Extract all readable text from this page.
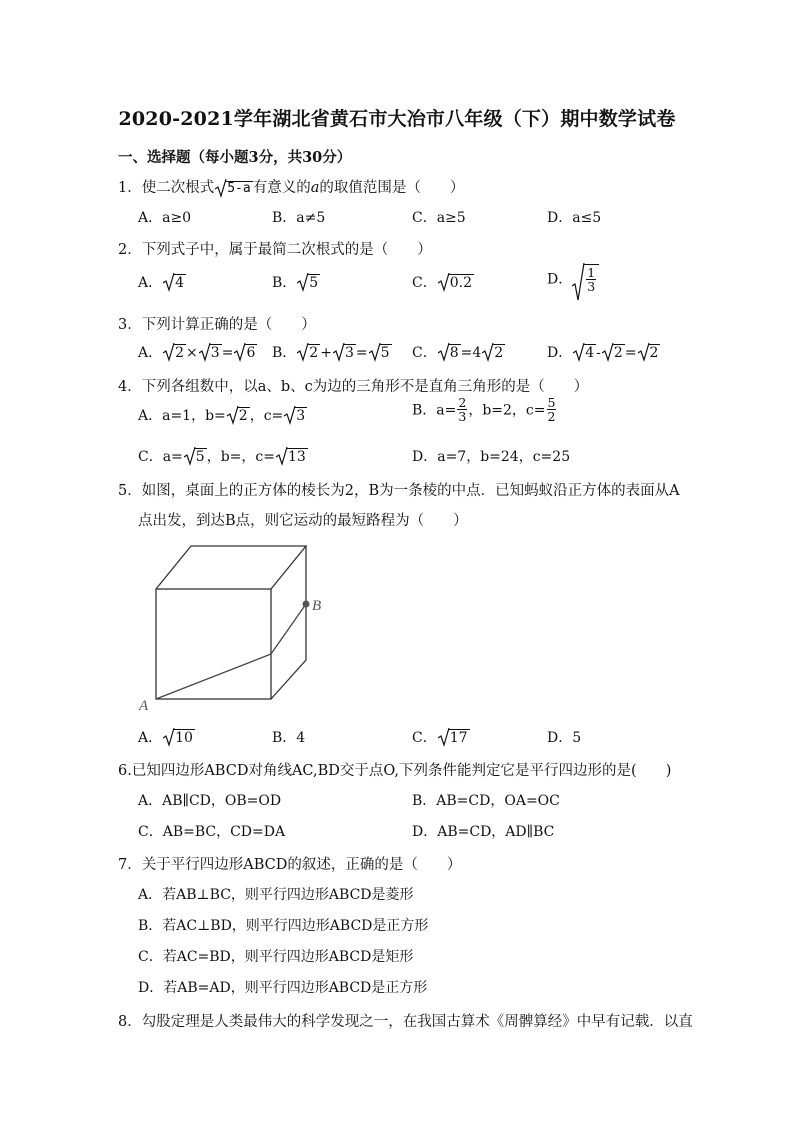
2020-2021学年湖北省黄石市大冶市八年级（下）期中数学试卷
一、选择题（每小题3分，共30分）
1．使二次根式 5-a 有意义的a的取值范围是（　　）
A．a≥0	B．a≠5	C．a≥5	D．a≤5
2．下列式子中，属于最简二次根式的是（　　）
A． 4	B． 5	C． 0.2	D． $\frac{1}{3}$
3．下列计算正确的是（　　）
A． 2 × 3 = 6 B． 2 + 3 = 5 C． 8 =4 2	D． 4 - 2 = 2
4．下列各组数中，以a、b、c为边的三角形不是直角三角形的是（　　）
A．a=1，b= 2 ，c= 3	B．$a= \frac{2}{3}$ ，b=2，$c= \frac{5}{2}$
C．a= 5 ，b=，c= 13	D．a=7，b=24，c=25
5．如图，桌面上的正方体的棱长为2，B为一条棱的中点．已知蚂蚁沿正方体的表面从A
点出发，到达B点，则它运动的最短路程为（　　）
B
A
A． 10	B．4	C． 17	D．5
6.已知四边形ABCD对角线AC,BD交于点O,下列条件能判定它是平行四边形的是(　　)
A．AB∥CD，OB=OD	B．AB=CD，OA=OC
C．AB=BC，CD=DA	D．AB=CD，AD∥BC
7．关于平行四边形ABCD的叙述，正确的是（　　）
A．若AB⊥BC，则平行四边形ABCD是菱形
B．若AC⊥BD，则平行四边形ABCD是正方形
C．若AC=BD，则平行四边形ABCD是矩形
D．若AB=AD，则平行四边形ABCD是正方形
8．勾股定理是人类最伟大的科学发现之一，在我国古算术《周髀算经》中早有记载．以直
